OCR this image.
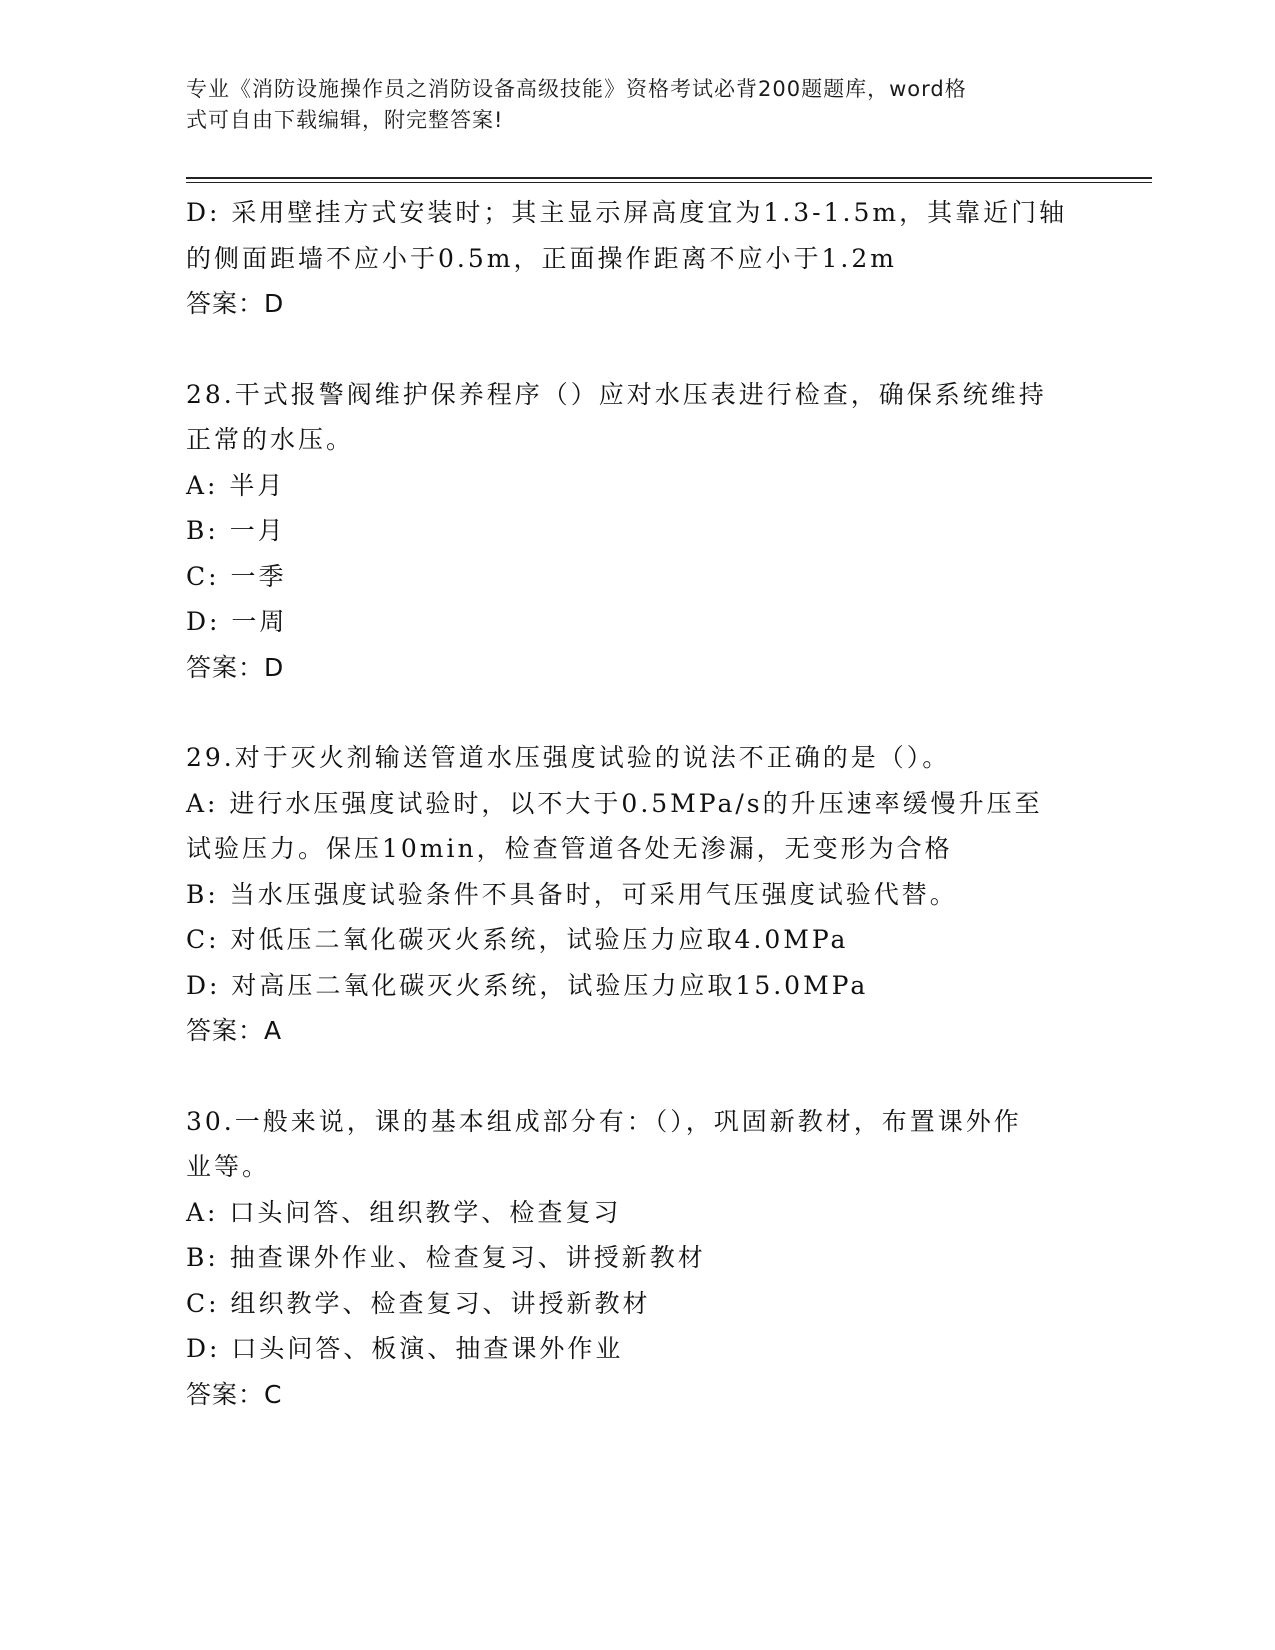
专业《消防设施操作员之消防设备高级技能》资格考试必背200题题库，word格
式可自由下载编辑，附完整答案!
D: 采用壁挂方式安装时；其主显示屏高度宜为1.3-1.5m，其靠近门轴
的侧面距墙不应小于0.5m，正面操作距离不应小于1.2m
答案：D
28.干式报警阀维护保养程序（）应对水压表进行检查，确保系统维持
正常的水压。
A: 半月
B: 一月
C: 一季
D: 一周
答案：D
29.对于灭火剂输送管道水压强度试验的说法不正确的是（）。
A: 进行水压强度试验时，以不大于0.5MPa/s的升压速率缓慢升压至
试验压力。保压10min，检查管道各处无渗漏，无变形为合格
B: 当水压强度试验条件不具备时，可采用气压强度试验代替。
C: 对低压二氧化碳灭火系统，试验压力应取4.0MPa
D: 对高压二氧化碳灭火系统，试验压力应取15.0MPa
答案：A
30.一般来说，课的基本组成部分有：（），巩固新教材，布置课外作
业等。
A: 口头问答、组织教学、检查复习
B: 抽查课外作业、检查复习、讲授新教材
C: 组织教学、检查复习、讲授新教材
D: 口头问答、板演、抽查课外作业
答案：C
